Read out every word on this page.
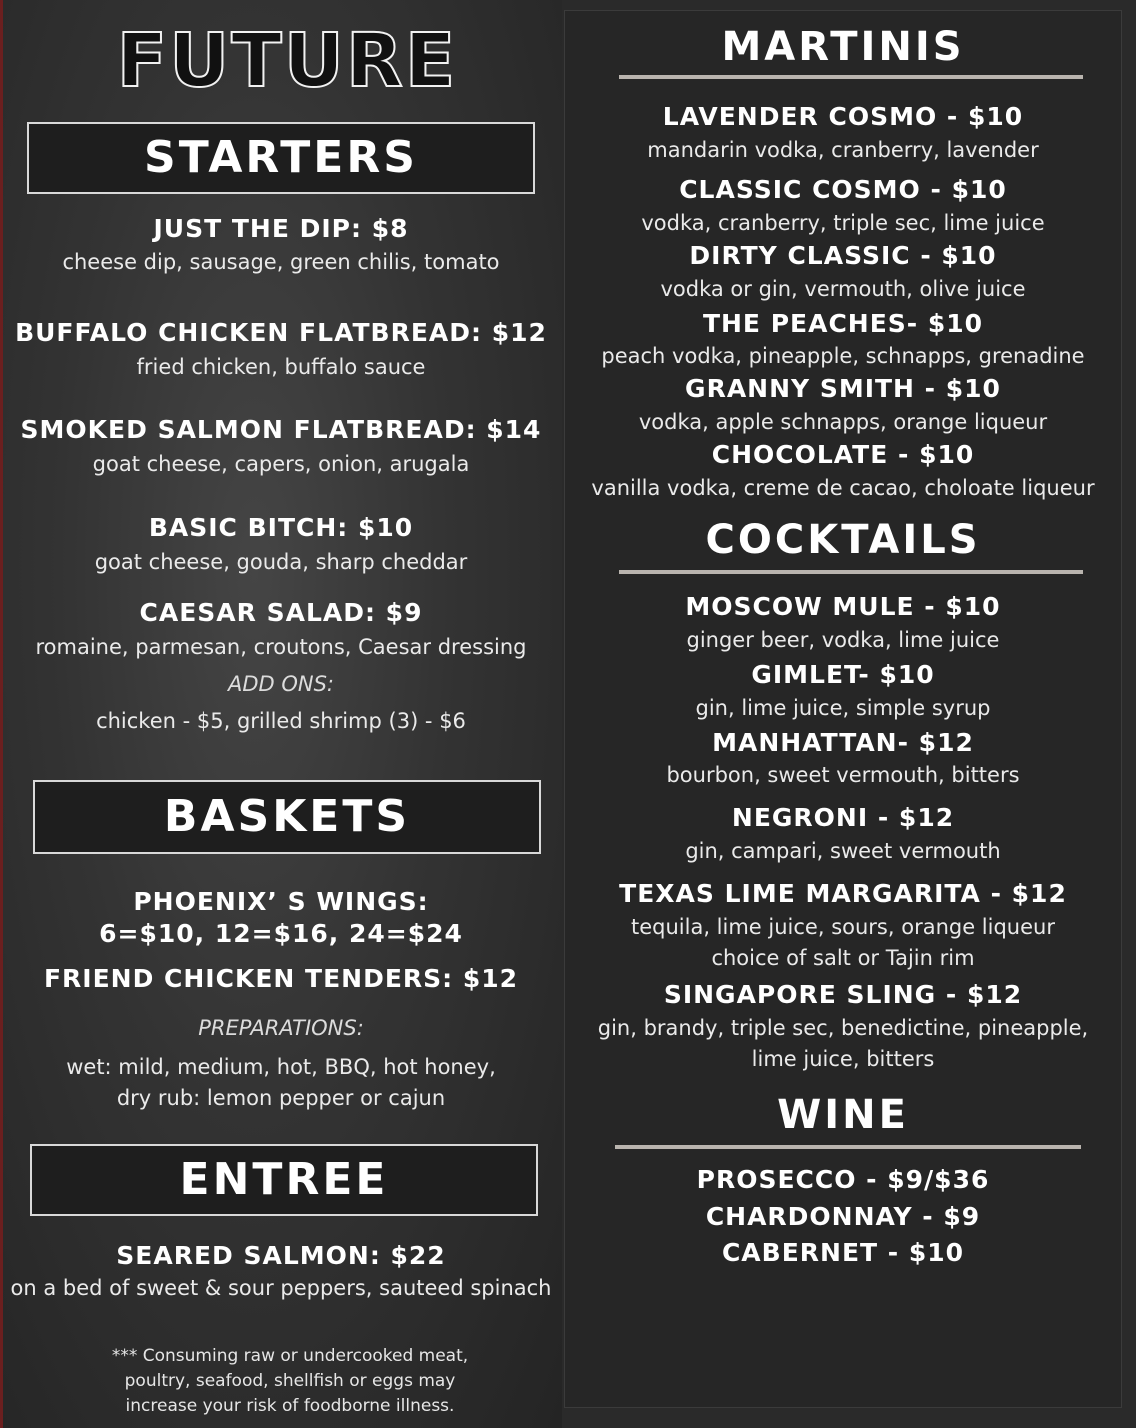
FUTURE
STARTERS
JUST THE DIP: $8
cheese dip, sausage, green chilis, tomato
BUFFALO CHICKEN FLATBREAD: $12
fried chicken, buffalo sauce
SMOKED SALMON FLATBREAD: $14
goat cheese, capers, onion, arugala
BASIC BITCH: $10
goat cheese, gouda, sharp cheddar
CAESAR SALAD: $9
romaine, parmesan, croutons, Caesar dressing
ADD ONS:
chicken - $5, grilled shrimp (3) - $6
BASKETS
PHOENIX’ S WINGS:
6=$10, 12=$16, 24=$24
FRIEND CHICKEN TENDERS: $12
PREPARATIONS:
wet: mild, medium, hot, BBQ, hot honey,
dry rub: lemon pepper or cajun
ENTREE
SEARED SALMON: $22
on a bed of sweet & sour peppers, sauteed spinach
*** Consuming raw or undercooked meat,
poultry, seafood, shellfish or eggs may
increase your risk of foodborne illness.
MARTINIS
LAVENDER COSMO - $10
mandarin vodka, cranberry, lavender
CLASSIC COSMO - $10
vodka, cranberry, triple sec, lime juice
DIRTY CLASSIC - $10
vodka or gin, vermouth, olive juice
THE PEACHES- $10
peach vodka, pineapple, schnapps, grenadine
GRANNY SMITH - $10
vodka, apple schnapps, orange liqueur
CHOCOLATE - $10
vanilla vodka, creme de cacao, choloate liqueur
COCKTAILS
MOSCOW MULE - $10
ginger beer, vodka, lime juice
GIMLET- $10
gin, lime juice, simple syrup
MANHATTAN- $12
bourbon, sweet vermouth, bitters
NEGRONI - $12
gin, campari, sweet vermouth
TEXAS LIME MARGARITA - $12
tequila, lime juice, sours, orange liqueur
choice of salt or Tajin rim
SINGAPORE SLING - $12
gin, brandy, triple sec, benedictine, pineapple,
lime juice, bitters
WINE
PROSECCO - $9/$36
CHARDONNAY - $9
CABERNET - $10
